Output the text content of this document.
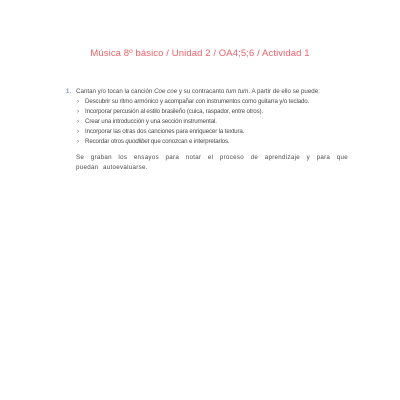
Música 8º básico / Unidad 2 / OA4;5;6 / Actividad 1
1. Cantan y/o tocan la canción Coe coe y su contracanto tum tum. A partir de ello se puede:
› Descubrir su ritmo armónico y acompañar con instrumentos como guitarra y/o teclado.
› Incorporar percusión al estilo brasileño (cuica, raspador, entre otros).
› Crear una introducción y una sección instrumental.
› Incorporar las otras dos canciones para enriquecer la textura.
› Recordar otros quodlibet que conozcan e interpretarlos.
Se graban los ensayos para notar el proceso de aprendizaje y para que puedan autoevaluarse.
